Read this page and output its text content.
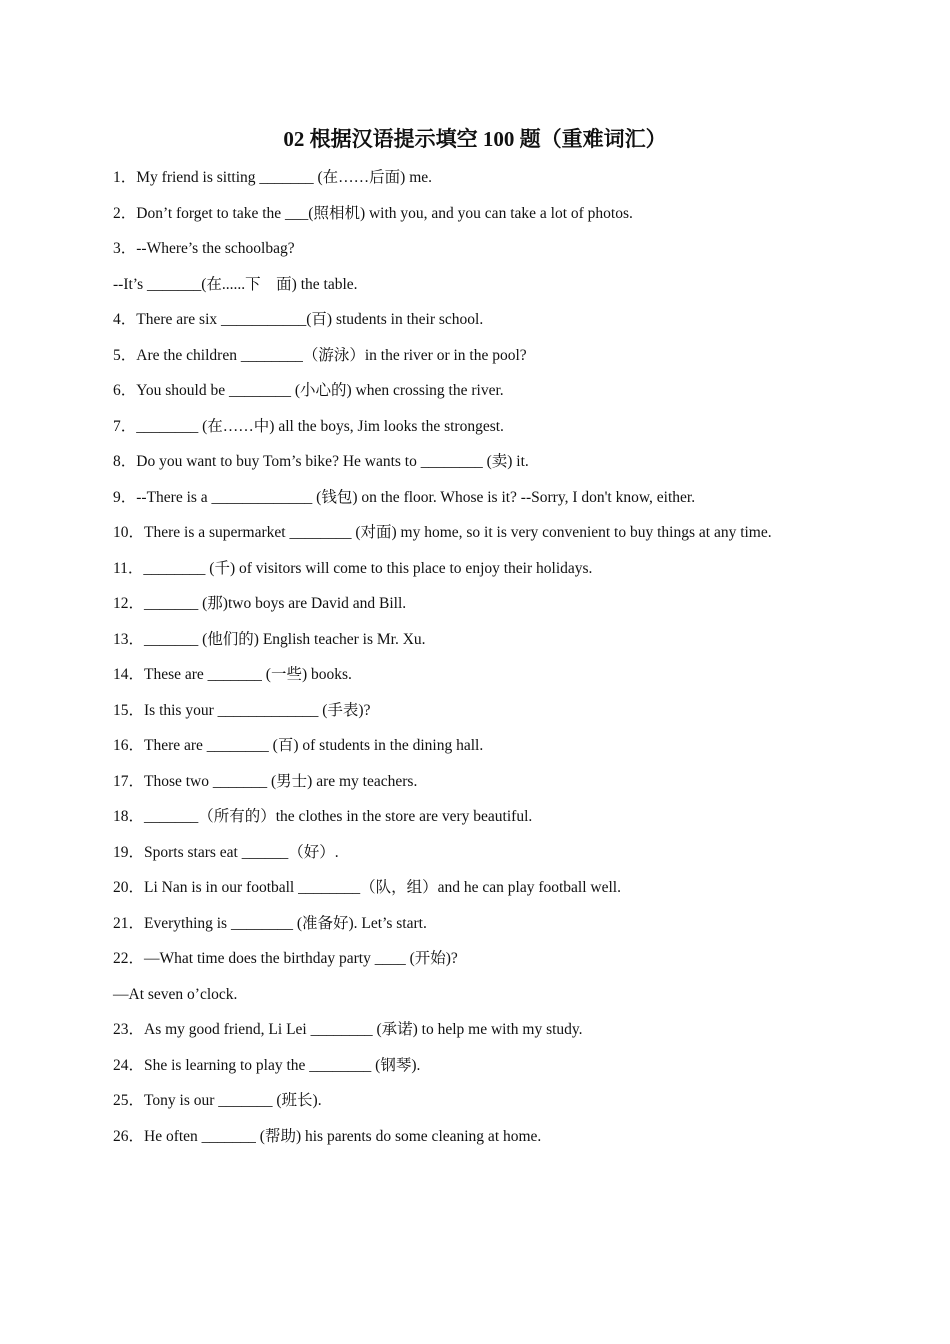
02 根据汉语提示填空 100 题（重难词汇）
1．My friend is sitting _______ (在……后面) me.
2．Don’t forget to take the ___(照相机) with you, and you can take a lot of photos.
3．--Where’s the schoolbag?
--It’s _______(在......下　面) the table.
4．There are six ___________(百) students in their school.
5．Are the children ________（游泳）in the river or in the pool?
6．You should be ________ (小心的) when crossing the river.
7．________ (在……中) all the boys, Jim looks the strongest.
8．Do you want to buy Tom’s bike? He wants to ________ (卖) it.
9．--There is a _____________ (钱包) on the floor. Whose is it? --Sorry, I don't know, either.
10．There is a supermarket ________ (对面) my home, so it is very convenient to buy things at any time.
11．________ (千) of visitors will come to this place to enjoy their holidays.
12．_______ (那)two boys are David and Bill.
13．_______ (他们的) English teacher is Mr. Xu.
14．These are _______ (一些) books.
15．Is this your _____________ (手表)?
16．There are ________ (百) of students in the dining hall.
17．Those two _______ (男士) are my teachers.
18．_______（所有的）the clothes in the store are very beautiful.
19．Sports stars eat ______（好）.
20．Li Nan is in our football ________（队，组）and he can play football well.
21．Everything is ________ (准备好). Let’s start.
22．—What time does the birthday party ____ (开始)?
—At seven o’clock.
23．As my good friend, Li Lei ________ (承诺) to help me with my study.
24．She is learning to play the ________ (钢琴).
25．Tony is our _______ (班长).
26．He often _______ (帮助) his parents do some cleaning at home.
